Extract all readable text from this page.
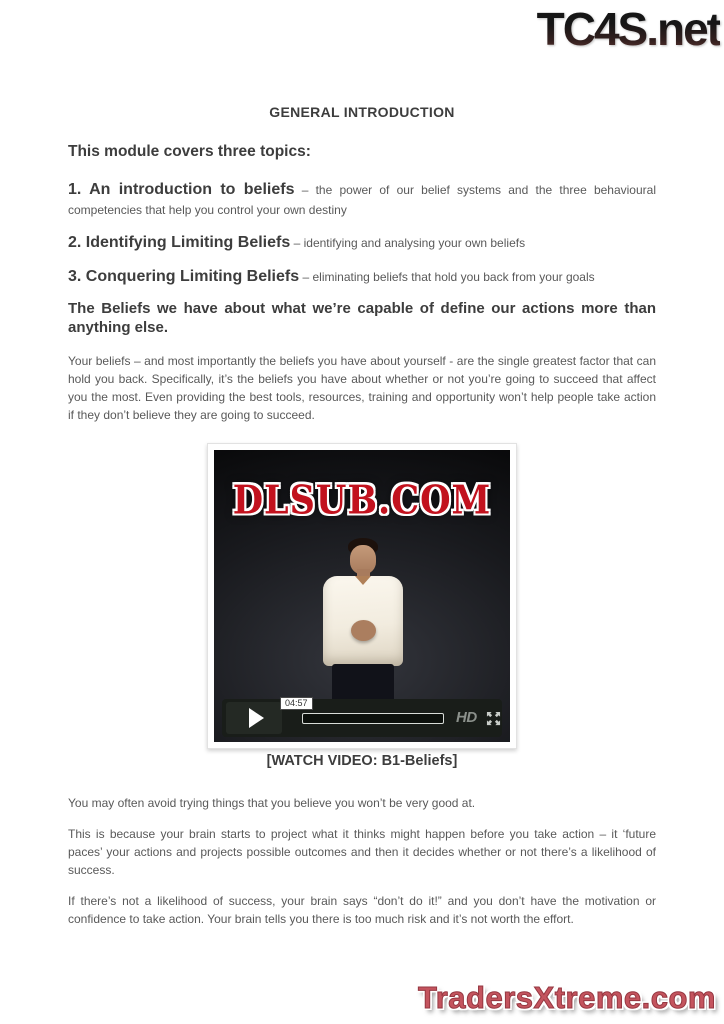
TC4S.net
GENERAL INTRODUCTION

This module covers three topics:

1. An introduction to beliefs – the power of our belief systems and the three behavioural competencies that help you control your own destiny

2. Identifying Limiting Beliefs – identifying and analysing your own beliefs

3. Conquering Limiting Beliefs – eliminating beliefs that hold you back from your goals

The Beliefs we have about what we’re capable of define our actions more than anything else.

Your beliefs – and most importantly the beliefs you have about yourself - are the single greatest factor that can hold you back. Specifically, it’s the beliefs you have about whether or not you’re going to succeed that affect you the most. Even providing the best tools, resources, training and opportunity won’t help people take action if they don’t believe they are going to succeed.

DLSUB.COM
04:57
HD

[WATCH VIDEO: B1-Beliefs]

You may often avoid trying things that you believe you won’t be very good at.

This is because your brain starts to project what it thinks might happen before you take action – it ‘future paces’ your actions and projects possible outcomes and then it decides whether or not there’s a likelihood of success.

If there’s not a likelihood of success, your brain says “don’t do it!” and you don’t have the motivation or confidence to take action. Your brain tells you there is too much risk and it’s not worth the effort.

TradersXtreme.com
